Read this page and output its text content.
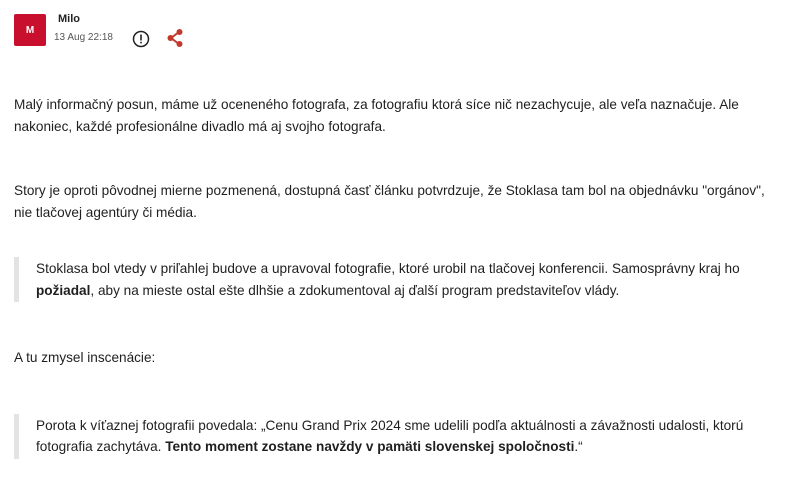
M
Milo
13 Aug 22:18

Malý informačný posun, máme už oceneného fotografa, za fotografiu ktorá síce nič nezachycuje, ale veľa naznačuje. Ale nakoniec, každé profesionálne divadlo má aj svojho fotografa.

Story je oproti pôvodnej mierne pozmenená, dostupná časť článku potvrdzuje, že Stoklasa tam bol na objednávku "orgánov", nie tlačovej agentúry či média.

Stoklasa bol vtedy v priľahlej budove a upravoval fotografie, ktoré urobil na tlačovej konferencii. Samosprávny kraj ho požiadal, aby na mieste ostal ešte dlhšie a zdokumentoval aj ďalší program predstaviteľov vlády.

A tu zmysel inscenácie:

Porota k víťaznej fotografii povedala: „Cenu Grand Prix 2024 sme udelili podľa aktuálnosti a závažnosti udalosti, ktorú fotografia zachytáva. Tento moment zostane navždy v pamäti slovenskej spoločnosti.“
